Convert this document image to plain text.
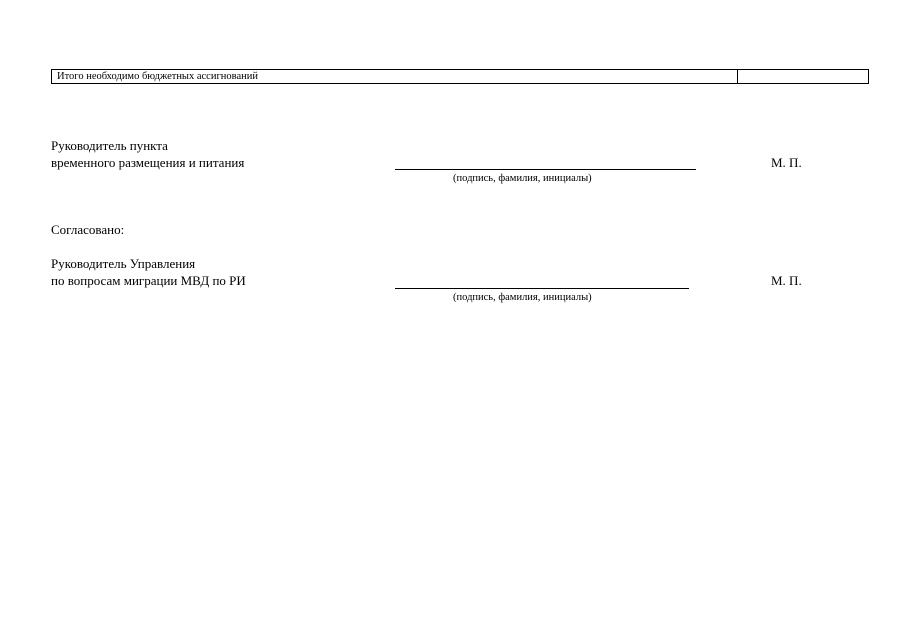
Итого необходимо бюджетных ассигнований
Руководитель пункта
временного размещения и питания
(подпись, фамилия, инициалы)
М. П.
Согласовано:
Руководитель Управления
по вопросам миграции МВД по РИ
(подпись, фамилия, инициалы)
М. П.
